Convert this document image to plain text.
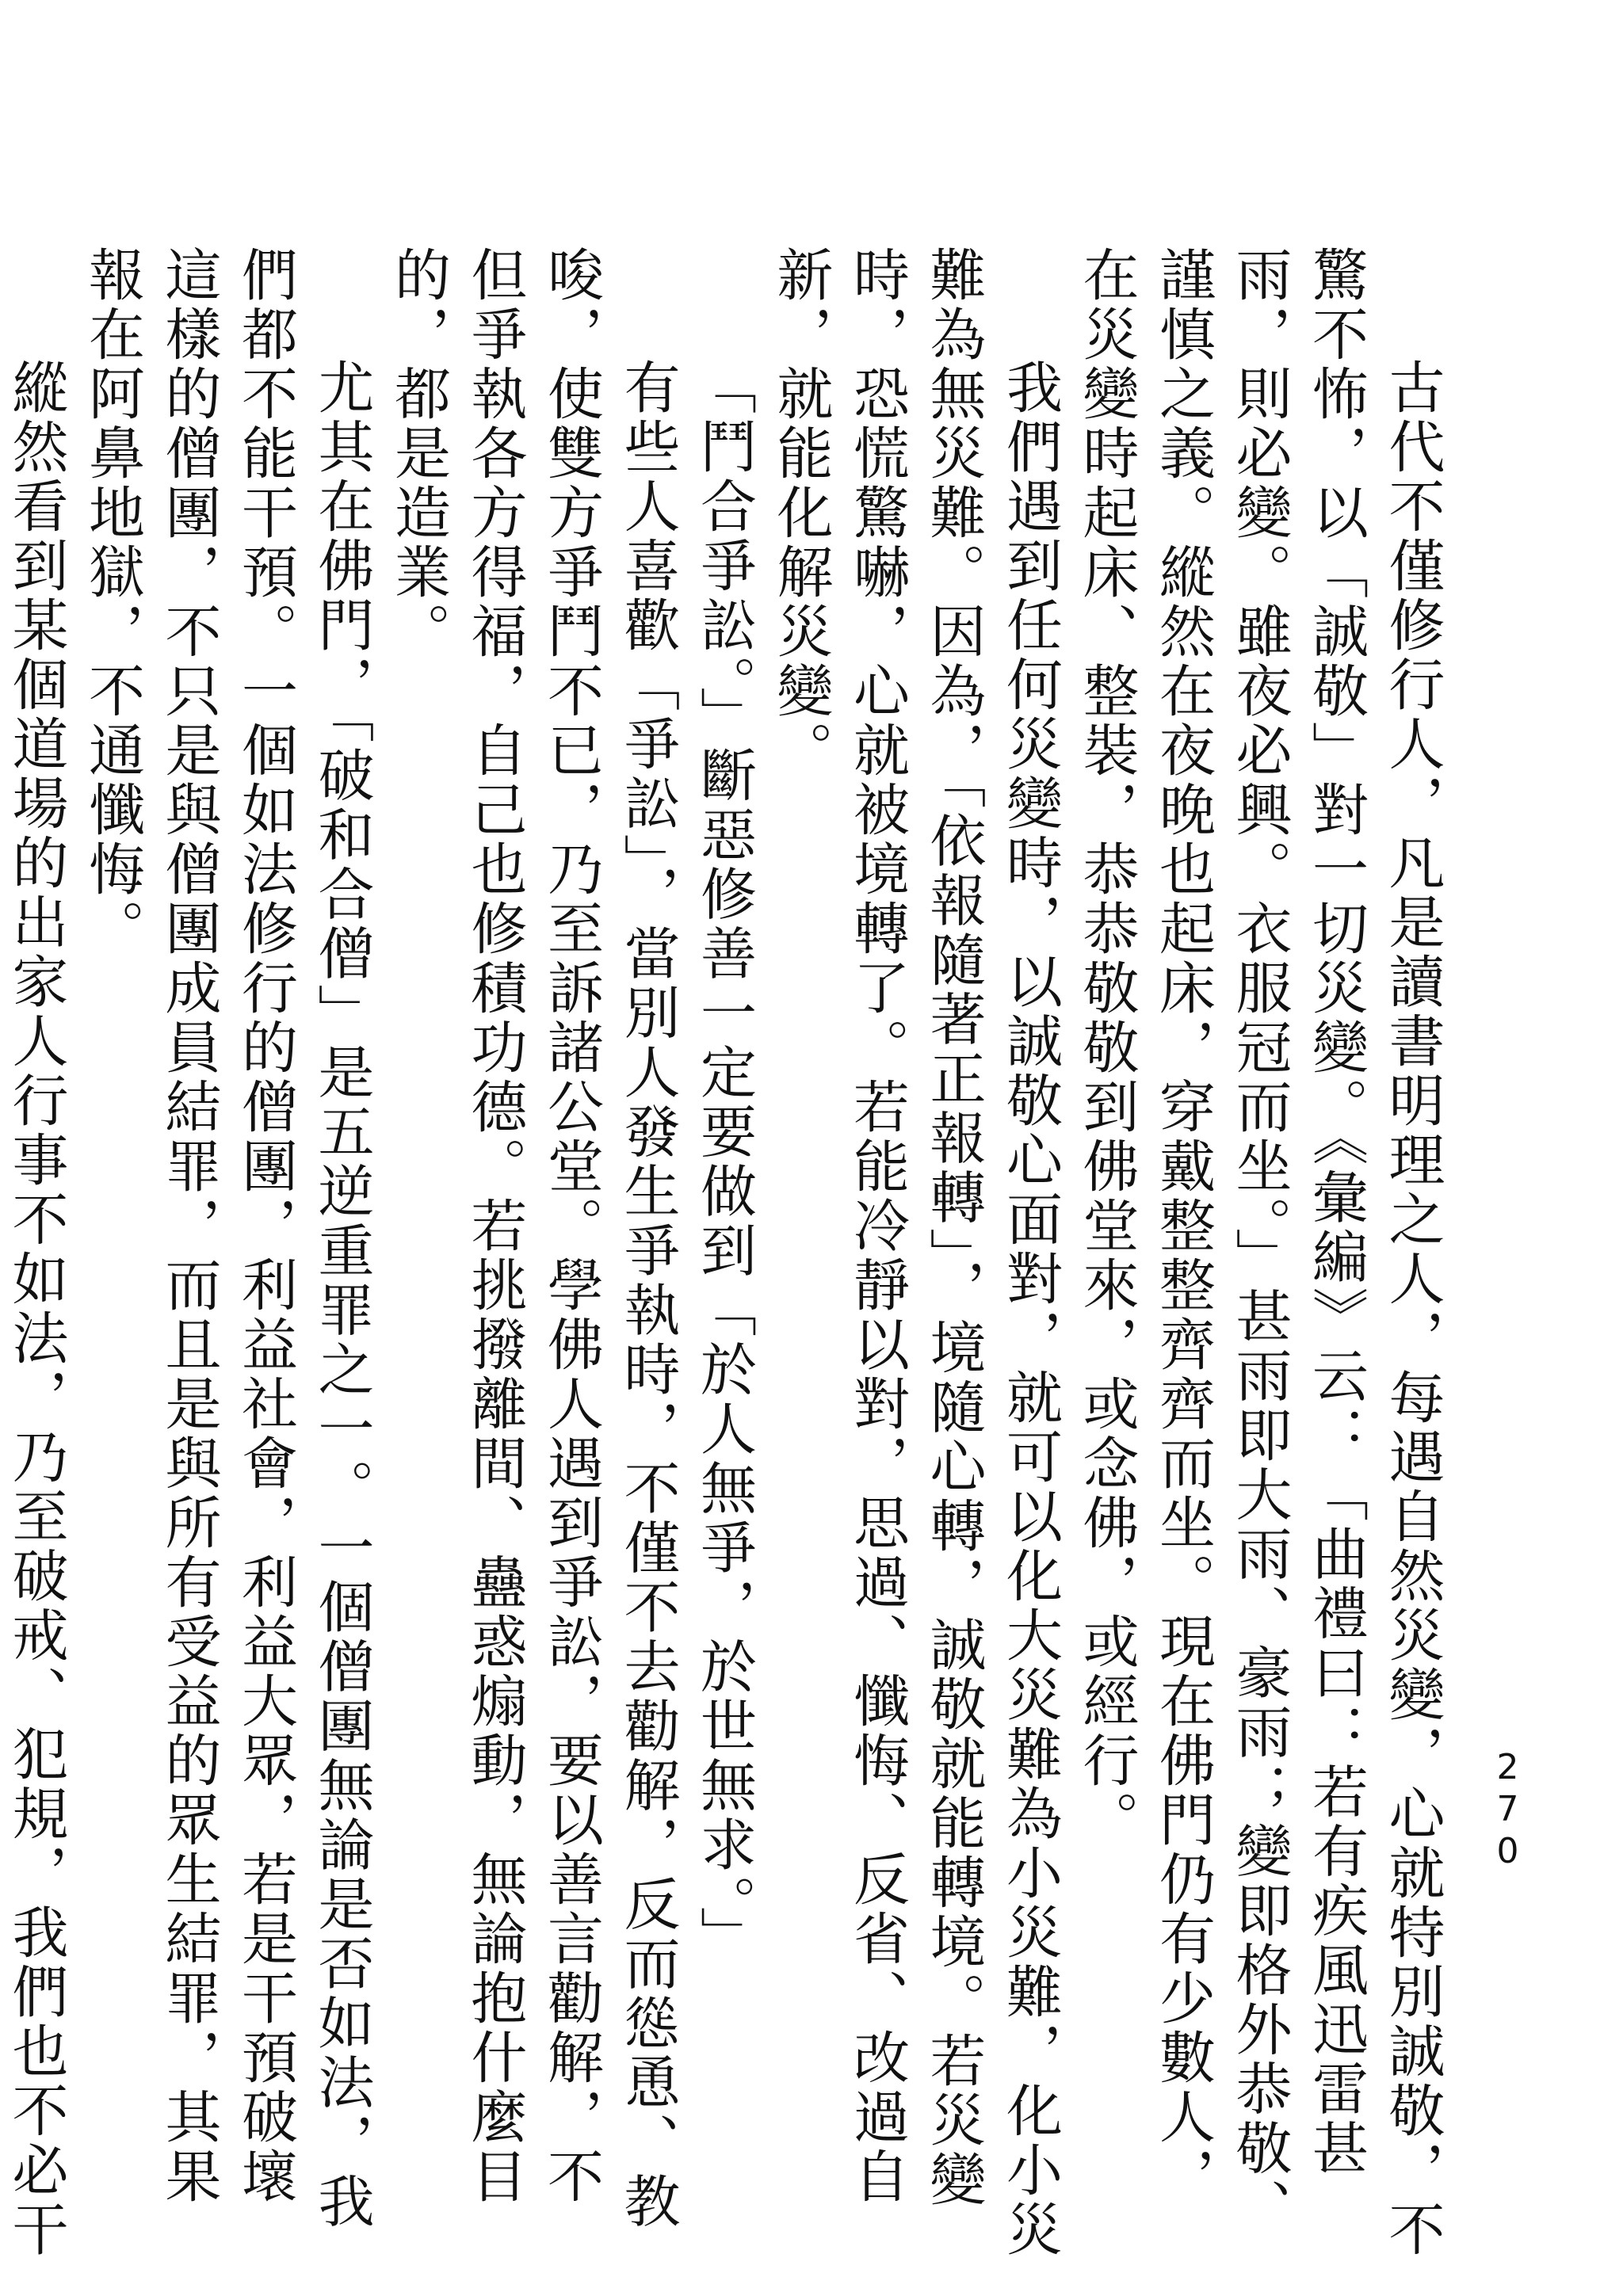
270

古代不僅修行人，凡是讀書明理之人，每遇自然災變，心就特別誠敬，不驚不怖，以「誠敬」對一切災變。《彙編》云：「曲禮曰：若有疾風迅雷甚雨，則必變。雖夜必興。衣服冠而坐。」甚雨即大雨、豪雨；變即格外恭敬、謹慎之義。縱然在夜晚也起床，穿戴整整齊齊而坐。現在佛門仍有少數人，在災變時起床、整裝，恭恭敬敬到佛堂來，或念佛，或經行。

我們遇到任何災變時，以誠敬心面對，就可以化大災難為小災難，化小災難為無災難。因為，「依報隨著正報轉」，境隨心轉，誠敬就能轉境。若災變時，恐慌驚嚇，心就被境轉了。若能冷靜以對，思過、懺悔、反省、改過自新，就能化解災變。

「鬥合爭訟。」斷惡修善一定要做到「於人無爭，於世無求。」

有些人喜歡「爭訟」，當別人發生爭執時，不僅不去勸解，反而慫恿、教唆，使雙方爭鬥不已，乃至訴諸公堂。學佛人遇到爭訟，要以善言勸解，不但爭執各方得福，自己也修積功德。若挑撥離間、蠱惑煽動，無論抱什麼目的，都是造業。

尤其在佛門，「破和合僧」是五逆重罪之一。一個僧團無論是否如法，我們都不能干預。一個如法修行的僧團，利益社會，利益大眾，若是干預破壞這樣的僧團，不只是與僧團成員結罪，而且是與所有受益的眾生結罪，其果報在阿鼻地獄，不通懺悔。

縱然看到某個道場的出家人行事不如法，乃至破戒、犯規，我們也不必干
